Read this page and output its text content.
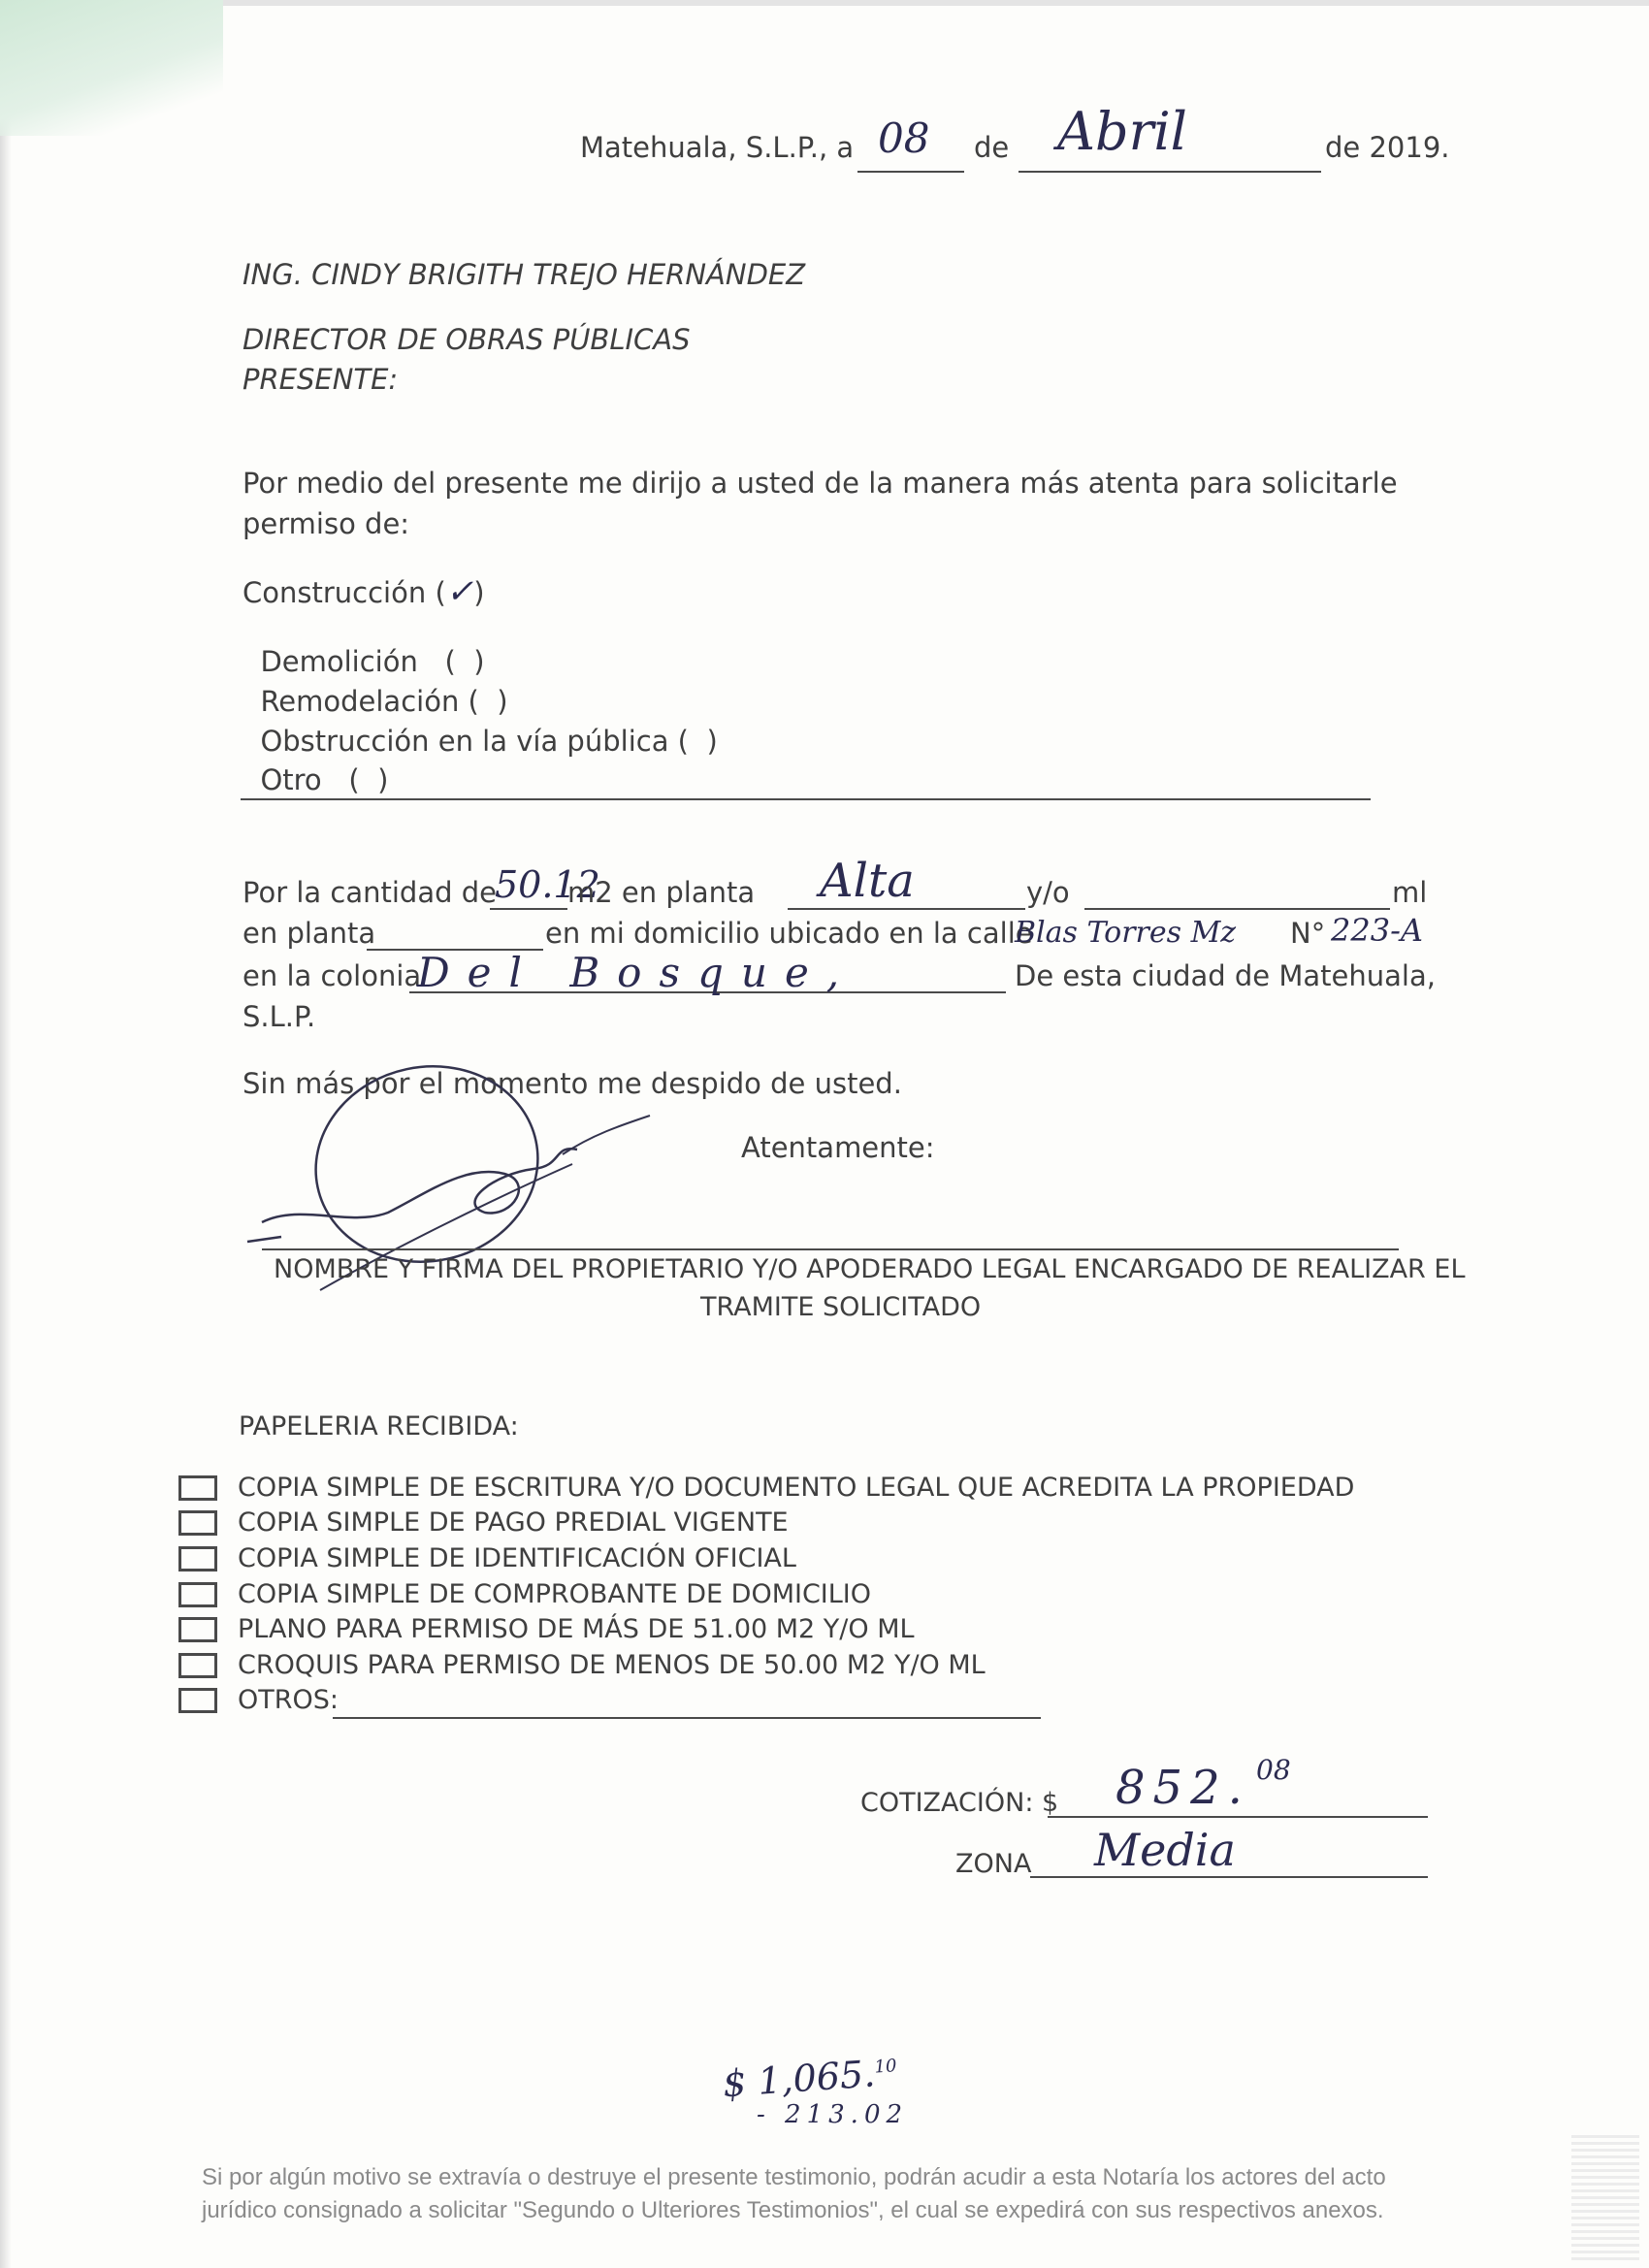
Matehuala, S.L.P., a 08 de Abril	de 2019.
ING. CINDY BRIGITH TREJO HERNÁNDEZ
DIRECTOR DE OBRAS PÚBLICAS
PRESENTE:
Por medio del presente me dirijo a usted de la manera más atenta para solicitarle
permiso de:
Construcción (✓)

Demolición   ( )

Remodelación ( )

Obstrucción en la vía pública ( )

Otro   ( )

Por la cantidad de
50.12
m2 en planta Alta	y/o	ml
en planta	en mi domicilio ubicado en la calle
Blas Torres Mz N° 223-A
en la colonia
Del Bosque,	De esta ciudad de Matehuala,
S.L.P.
Sin más por el momento me despido de usted.
Atentamente:
NOMBRE Y FIRMA DEL PROPIETARIO Y/O APODERADO LEGAL ENCARGADO DE REALIZAR EL
TRAMITE SOLICITADO
PAPELERIA RECIBIDA:
COPIA SIMPLE DE ESCRITURA Y/O DOCUMENTO LEGAL QUE ACREDITA LA PROPIEDAD
COPIA SIMPLE DE PAGO PREDIAL VIGENTE
COPIA SIMPLE DE IDENTIFICACIÓN OFICIAL
COPIA SIMPLE DE COMPROBANTE DE DOMICILIO
PLANO PARA PERMISO DE MÁS DE 51.00 M2 Y/O ML
CROQUIS PARA PERMISO DE MENOS DE 50.00 M2 Y/O ML
OTROS:
COTIZACIÓN: $ 852. 08
ZONA Media
$ 1,065.10
- 213.02
Si por algún motivo se extravía o destruye el presente testimonio, podrán acudir a esta Notaría los actores del acto jurídico consignado a solicitar "Segundo o Ulteriores Testimonios", el cual se expedirá con sus respectivos anexos.
